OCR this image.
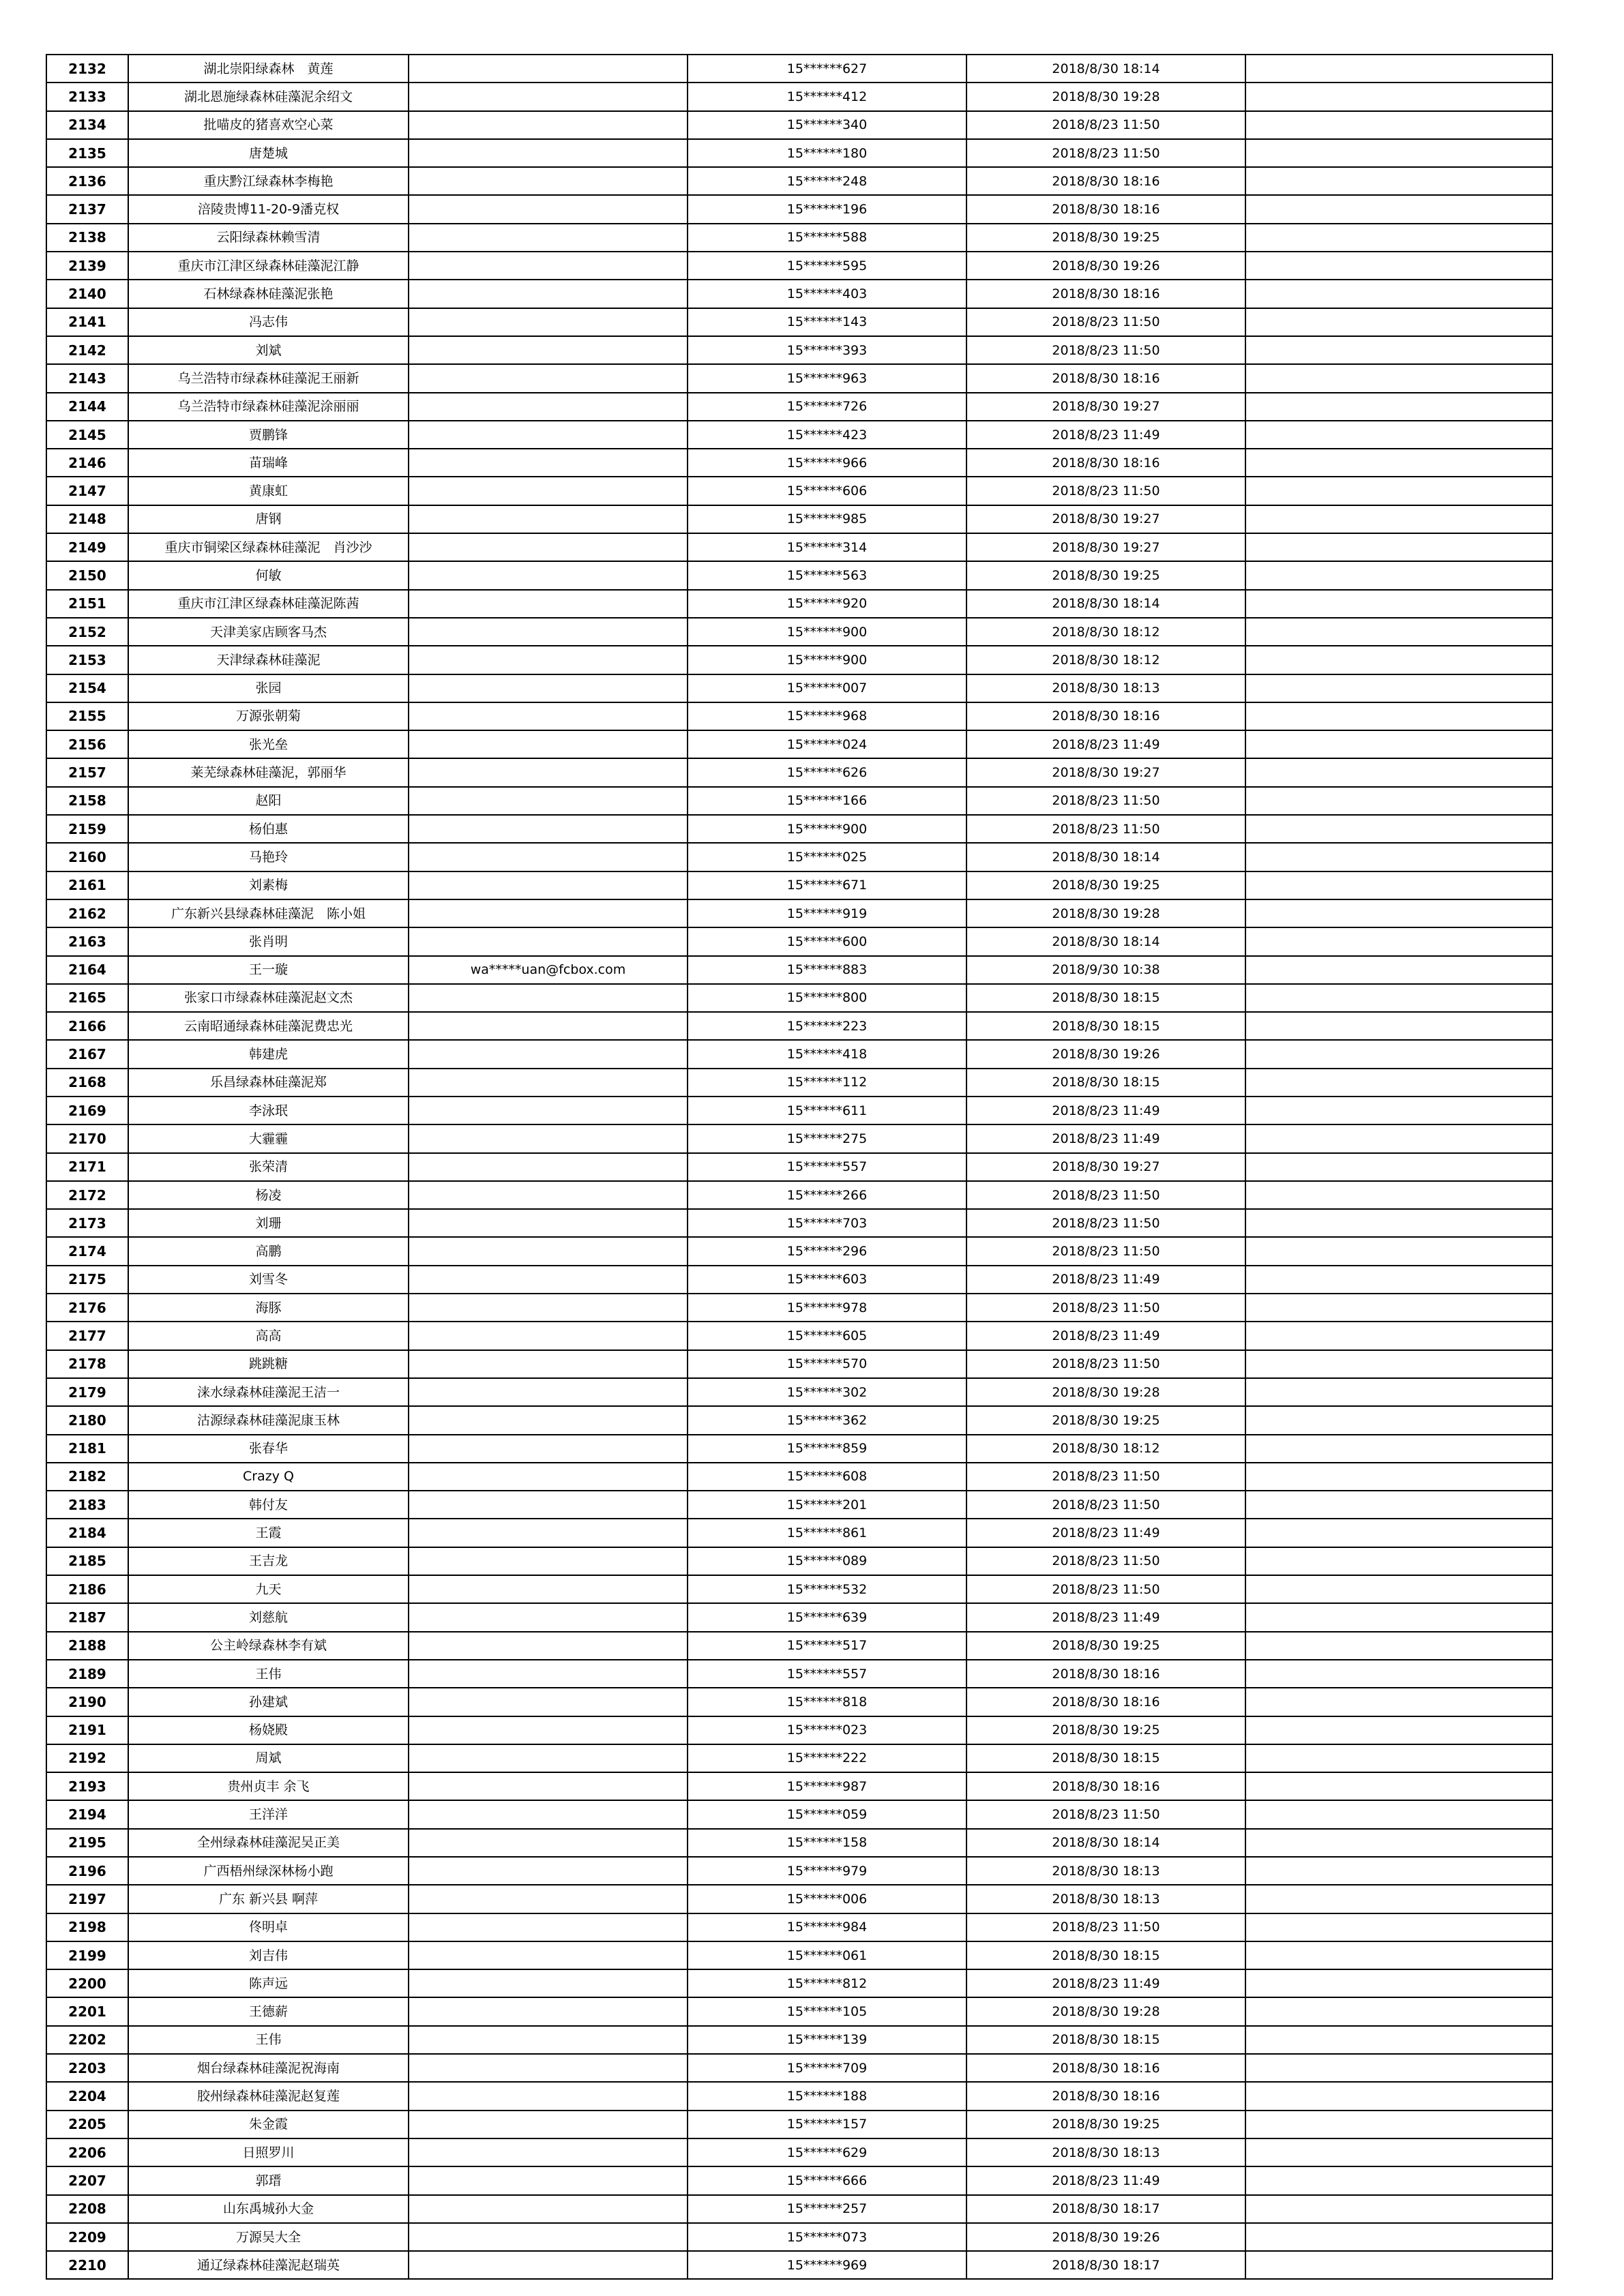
2132	湖北崇阳绿森林　黄莲		15******627	2018/8/30 18:14	
2133	湖北恩施绿森林硅藻泥余绍文		15******412	2018/8/30 19:28	
2134	批喵皮的猪喜欢空心菜		15******340	2018/8/23 11:50	
2135	唐楚城		15******180	2018/8/23 11:50	
2136	重庆黔江绿森林李梅艳		15******248	2018/8/30 18:16	
2137	涪陵贵博11-20-9潘克权		15******196	2018/8/30 18:16	
2138	云阳绿森林赖雪清		15******588	2018/8/30 19:25	
2139	重庆市江津区绿森林硅藻泥江静		15******595	2018/8/30 19:26	
2140	石林绿森林硅藻泥张艳		15******403	2018/8/30 18:16	
2141	冯志伟		15******143	2018/8/23 11:50	
2142	刘斌		15******393	2018/8/23 11:50	
2143	乌兰浩特市绿森林硅藻泥王丽新		15******963	2018/8/30 18:16	
2144	乌兰浩特市绿森林硅藻泥涂丽丽		15******726	2018/8/30 19:27	
2145	贾鹏锋		15******423	2018/8/23 11:49	
2146	苗瑞峰		15******966	2018/8/30 18:16	
2147	黄康虹		15******606	2018/8/23 11:50	
2148	唐钢		15******985	2018/8/30 19:27	
2149	重庆市铜梁区绿森林硅藻泥　肖沙沙		15******314	2018/8/30 19:27	
2150	何敏		15******563	2018/8/30 19:25	
2151	重庆市江津区绿森林硅藻泥陈茜		15******920	2018/8/30 18:14	
2152	天津美家店顾客马杰		15******900	2018/8/30 18:12	
2153	天津绿森林硅藻泥		15******900	2018/8/30 18:12	
2154	张园		15******007	2018/8/30 18:13	
2155	万源张朝菊		15******968	2018/8/30 18:16	
2156	张光垒		15******024	2018/8/23 11:49	
2157	莱芜绿森林硅藻泥，郭丽华		15******626	2018/8/30 19:27	
2158	赵阳		15******166	2018/8/23 11:50	
2159	杨伯惠		15******900	2018/8/23 11:50	
2160	马艳玲		15******025	2018/8/30 18:14	
2161	刘素梅		15******671	2018/8/30 19:25	
2162	广东新兴县绿森林硅藻泥　陈小姐		15******919	2018/8/30 19:28	
2163	张肖明		15******600	2018/8/30 18:14	
2164	王一璇	wa*****uan@fcbox.com	15******883	2018/9/30 10:38	
2165	张家口市绿森林硅藻泥赵文杰		15******800	2018/8/30 18:15	
2166	云南昭通绿森林硅藻泥费忠光		15******223	2018/8/30 18:15	
2167	韩建虎		15******418	2018/8/30 19:26	
2168	乐昌绿森林硅藻泥郑		15******112	2018/8/30 18:15	
2169	李泳珉		15******611	2018/8/23 11:49	
2170	大霾霾		15******275	2018/8/23 11:49	
2171	张荣清		15******557	2018/8/30 19:27	
2172	杨凌		15******266	2018/8/23 11:50	
2173	刘珊		15******703	2018/8/23 11:50	
2174	高鹏		15******296	2018/8/23 11:50	
2175	刘雪冬		15******603	2018/8/23 11:49	
2176	海豚		15******978	2018/8/23 11:50	
2177	高高		15******605	2018/8/23 11:49	
2178	跳跳糖		15******570	2018/8/23 11:50	
2179	涞水绿森林硅藻泥王洁一		15******302	2018/8/30 19:28	
2180	沽源绿森林硅藻泥康玉林		15******362	2018/8/30 19:25	
2181	张春华		15******859	2018/8/30 18:12	
2182	Crazy Q		15******608	2018/8/23 11:50	
2183	韩付友		15******201	2018/8/23 11:50	
2184	王霞		15******861	2018/8/23 11:49	
2185	王吉龙		15******089	2018/8/23 11:50	
2186	九天		15******532	2018/8/23 11:50	
2187	刘慈航		15******639	2018/8/23 11:49	
2188	公主岭绿森林李有斌		15******517	2018/8/30 19:25	
2189	王伟		15******557	2018/8/30 18:16	
2190	孙建斌		15******818	2018/8/30 18:16	
2191	杨娆殿		15******023	2018/8/30 19:25	
2192	周斌		15******222	2018/8/30 18:15	
2193	贵州贞丰 余飞		15******987	2018/8/30 18:16	
2194	王洋洋		15******059	2018/8/23 11:50	
2195	全州绿森林硅藻泥吴正美		15******158	2018/8/30 18:14	
2196	广西梧州绿深林杨小跑		15******979	2018/8/30 18:13	
2197	广东 新兴县 啊萍		15******006	2018/8/30 18:13	
2198	佟明卓		15******984	2018/8/23 11:50	
2199	刘吉伟		15******061	2018/8/30 18:15	
2200	陈声远		15******812	2018/8/23 11:49	
2201	王德薪		15******105	2018/8/30 19:28	
2202	王伟		15******139	2018/8/30 18:15	
2203	烟台绿森林硅藻泥祝海南		15******709	2018/8/30 18:16	
2204	胶州绿森林硅藻泥赵复莲		15******188	2018/8/30 18:16	
2205	朱金霞		15******157	2018/8/30 19:25	
2206	日照罗川		15******629	2018/8/30 18:13	
2207	郭瑨		15******666	2018/8/23 11:49	
2208	山东禹城孙大金		15******257	2018/8/30 18:17	
2209	万源吴大全		15******073	2018/8/30 19:26	
2210	通辽绿森林硅藻泥赵瑞英		15******969	2018/8/30 18:17	
